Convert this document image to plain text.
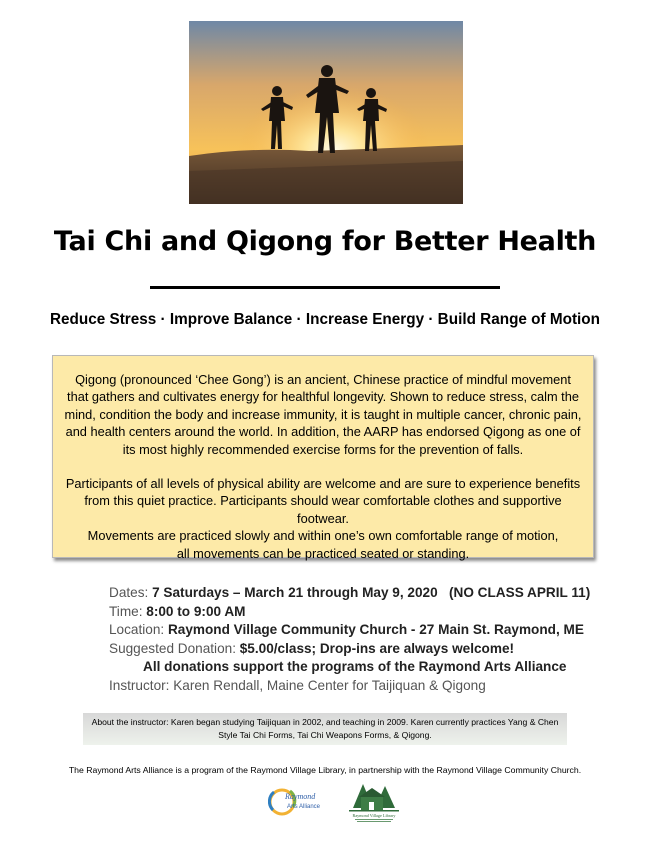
Tai Chi and Qigong for Better Health
Reduce Stress · Improve Balance · Increase Energy · Build Range of Motion

Qigong (pronounced ‘Chee Gong’) is an ancient, Chinese practice of mindful movement that gathers and cultivates energy for healthful longevity. Shown to reduce stress, calm the mind, condition the body and increase immunity, it is taught in multiple cancer, chronic pain, and health centers around the world. In addition, the AARP has endorsed Qigong as one of its most highly recommended exercise forms for the prevention of falls.

Participants of all levels of physical ability are welcome and are sure to experience benefits from this quiet practice. Participants should wear comfortable clothes and supportive footwear.
Movements are practiced slowly and within one’s own comfortable range of motion,
all movements can be practiced seated or standing.

Dates: 7 Saturdays – March 21 through May 9, 2020   (NO CLASS APRIL 11)
Time: 8:00 to 9:00 AM
Location: Raymond Village Community Church - 27 Main St. Raymond, ME
Suggested Donation: $5.00/class; Drop-ins are always welcome!
All donations support the programs of the Raymond Arts Alliance
Instructor: Karen Rendall, Maine Center for Taijiquan & Qigong
About the instructor: Karen began studying Taijiquan in 2002, and teaching in 2009. Karen currently practices Yang & Chen Style Tai Chi Forms, Tai Chi Weapons Forms, & Qigong.
The Raymond Arts Alliance is a program of the Raymond Village Library, in partnership with the Raymond Village Community Church.
Raymond
Arts Alliance
Raymond Village Library
